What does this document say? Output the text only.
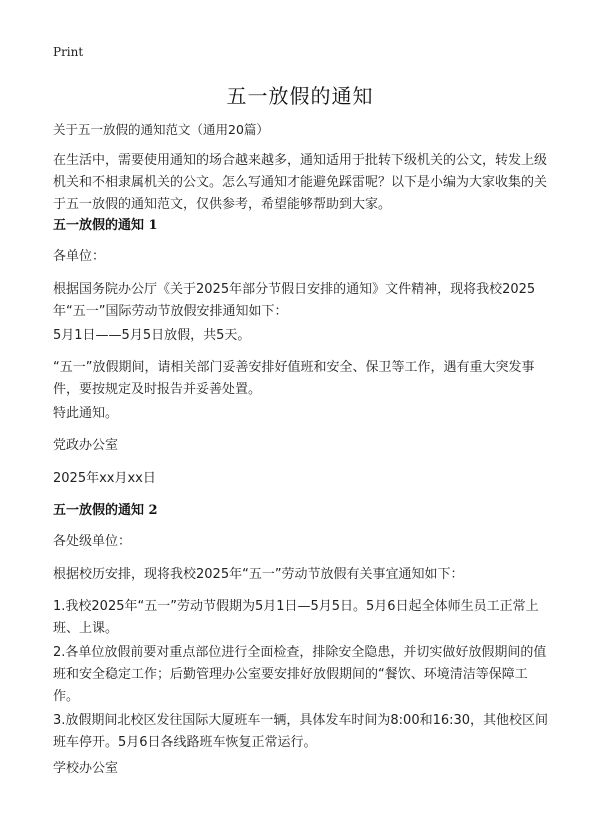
Print
五一放假的通知

关于五一放假的通知范文（通用20篇）

在生活中，需要使用通知的场合越来越多，通知适用于批转下级机关的公文，转发上级机关和不相隶属机关的公文。怎么写通知才能避免踩雷呢？以下是小编为大家收集的关于五一放假的通知范文，仅供参考，希望能够帮助到大家。

五一放假的通知 1

各单位：

根据国务院办公厅《关于2025年部分节假日安排的通知》文件精神，现将我校2025年“五一”国际劳动节放假安排通知如下：

5月1日——5月5日放假，共5天。

“五一”放假期间，请相关部门妥善安排好值班和安全、保卫等工作，遇有重大突发事件，要按规定及时报告并妥善处置。

特此通知。

党政办公室

2025年xx月xx日

五一放假的通知 2

各处级单位：

根据校历安排，现将我校2025年“五一”劳动节放假有关事宜通知如下：

1.我校2025年“五一”劳动节假期为5月1日—5月5日。5月6日起全体师生员工正常上班、上课。

2.各单位放假前要对重点部位进行全面检查，排除安全隐患，并切实做好放假期间的值班和安全稳定工作；后勤管理办公室要安排好放假期间的“餐饮、环境清洁等保障工作。

3.放假期间北校区发往国际大厦班车一辆，具体发车时间为8:00和16:30，其他校区间班车停开。5月6日各线路班车恢复正常运行。

学校办公室
